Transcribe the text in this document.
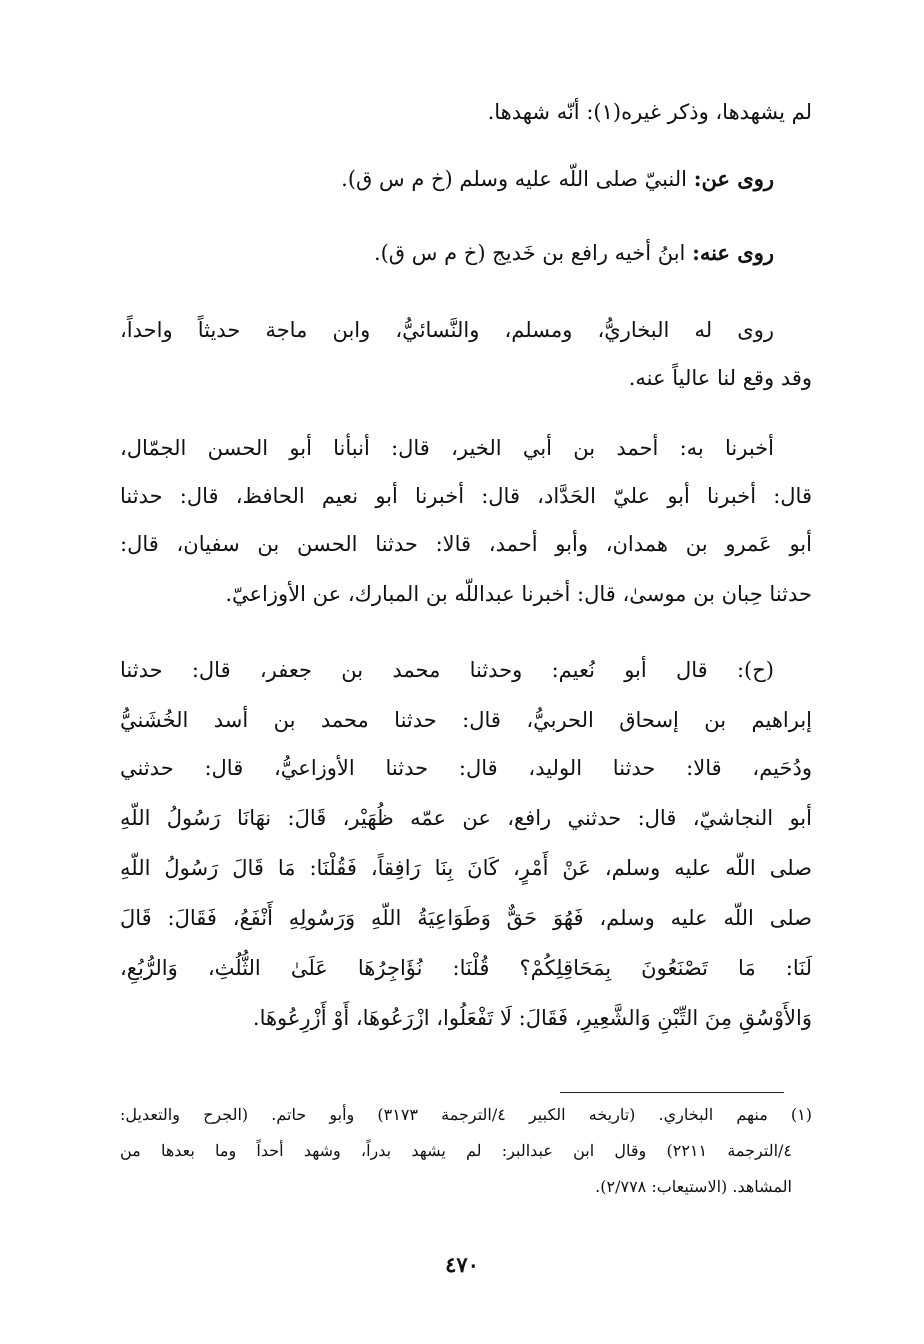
لم يشهدها، وذكر غيره(١): أنّه شهدها.
روى عن: النبيّ صلى اللّه عليه وسلم (خ م س ق).
روى عنه: ابنُ أخيه رافع بن خَديج (خ م س ق).
روى له البخاريُّ، ومسلم، والنَّسائيُّ، وابن ماجة حديثاً واحداً،
وقد وقع لنا عالياً عنه.
أخبرنا به: أحمد بن أبي الخير، قال: أنبأنا أبو الحسن الجمّال،
قال: أخبرنا أبو عليّ الحَدَّاد، قال: أخبرنا أبو نعيم الحافظ، قال: حدثنا
أبو عَمرو بن همدان، وأبو أحمد، قالا: حدثنا الحسن بن سفيان، قال:
حدثنا حِبان بن موسىٰ، قال: أخبرنا عبداللّه بن المبارك، عن الأوزاعيّ.
(ح): قال أبو نُعيم: وحدثنا محمد بن جعفر، قال: حدثنا
إبراهيم بن إسحاق الحربيُّ، قال: حدثنا محمد بن أسد الخُشَنيُّ
ودُحَيم، قالا: حدثنا الوليد، قال: حدثنا الأوزاعيُّ، قال: حدثني
أبو النجاشيّ، قال: حدثني رافع، عن عمّه ظُهَيْر، قَالَ: نهَانَا رَسُولُ اللّهِ
صلى اللّه عليه وسلم، عَنْ أَمْرٍ، كَانَ بِنَا رَافِقاً، فَقُلْنَا: مَا قَالَ رَسُولُ اللّهِ
صلى اللّه عليه وسلم، فَهُوَ حَقٌّ وَطَوَاعِيَةُ اللّهِ وَرَسُولِهِ أَنْفَعُ، فَقَالَ: قَالَ
لَنَا: مَا تَصْنَعُونَ بِمَحَاقِلِكُمْ؟ قُلْنَا: نُؤَاجِرُهَا عَلَىٰ الثُّلُثِ، وَالرُّبُعِ،
وَالأَوْسُقِ مِنَ التِّبْنِ وَالشَّعِيرِ، فَقَالَ: لَا تَفْعَلُوا، ازْرَعُوهَا، أَوْ أَزْرِعُوهَا.
(١) منهم البخاري. (تاريخه الكبير ٤/الترجمة ٣١٧٣) وأبو حاتم. (الجرح والتعديل:
٤/الترجمة ٢٢١١) وقال ابن عبدالبر: لم يشهد بدراً، وشهد أحداً وما بعدها من
المشاهد. (الاستيعاب: ٢/٧٧٨).
٤٧٠
